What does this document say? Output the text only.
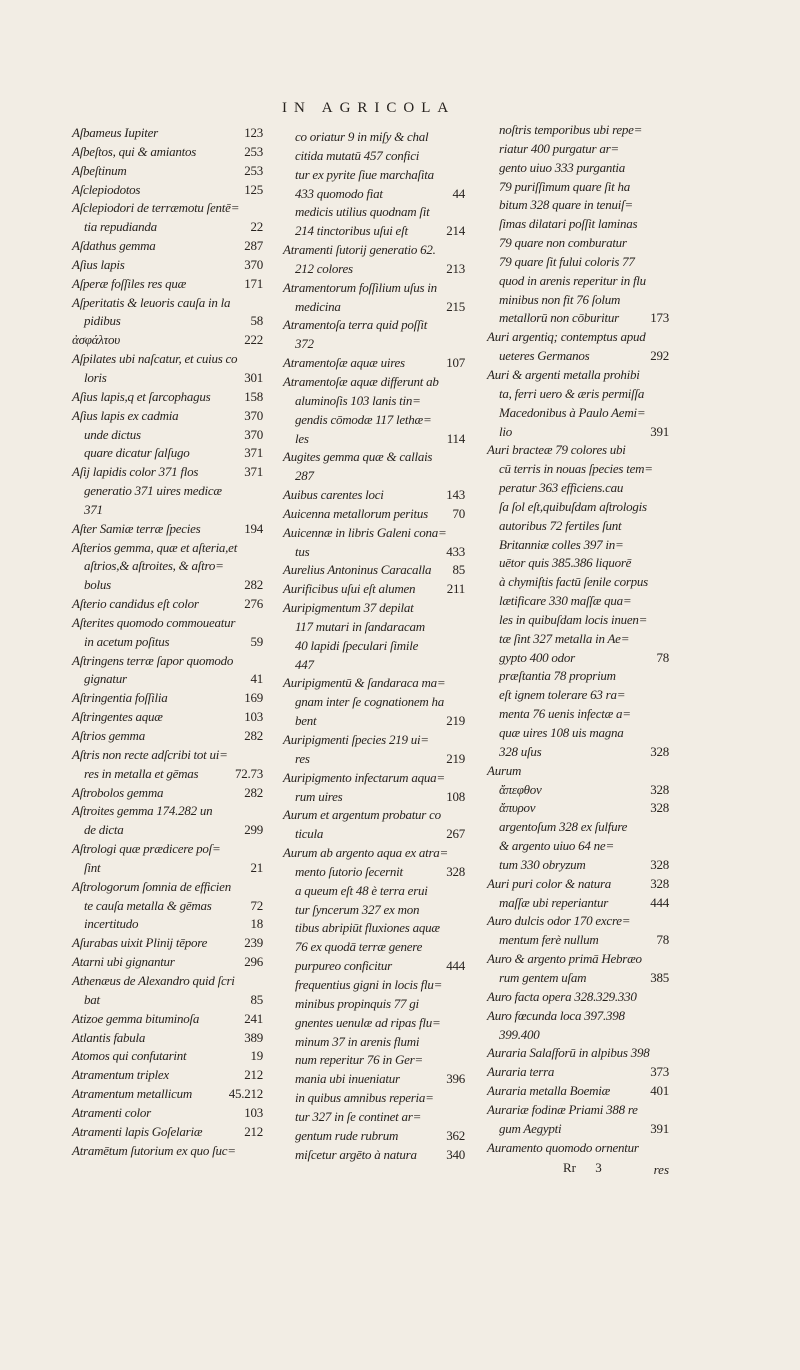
IN AGRICOLA
Aſbameus Iupiter	123
Aſbeſtos, qui & amiantos	253
Aſbeſtinum	253
Aſclepiodotos	125
Aſclepiodori de terræmotu ſentē=
tia repudianda	22
Aſdathus gemma	287
Aſius lapis	370
Aſperæ foſſiles res quæ	171
Aſperitatis & leuoris cauſa in la
pidibus	58
ἀσφάλτου	222
Aſpilates ubi naſcatur, et cuius co
loris	301
Aſius lapis,q et ſarcophagus	158
Aſius lapis ex cadmia	370
unde dictus	370
quare dicatur ſalſugo	371
Aſij lapidis color 371 flos	371
generatio 371 uires medicæ
371
Aſter Samiæ terræ ſpecies	194
Aſterios gemma, quæ et aſteria,et
aſtrios,& aſtroites, & aſtro=
bolus	282
Aſterio candidus eſt color	276
Aſterites quomodo commoueatur
in acetum poſitus	59
Aſtringens terræ ſapor quomodo
gignatur	41
Aſtringentia foſſilia	169
Aſtringentes aquæ	103
Aſtrios gemma	282
Aſtris non recte adſcribi tot ui=
res in metalla et gēmas	72.73
Aſtrobolos gemma	282
Aſtroites gemma 174.282 un
de dicta	299
Aſtrologi quæ prædicere poſ=
ſint	21
Aſtrologorum ſomnia de efficien
te cauſa metalla & gēmas	72
incertitudo	18
Aſurabas uixit Plinij tēpore	239
Atarni ubi gignantur	296
Athenæus de Alexandro quid ſcri
bat	85
Atizoe gemma bituminoſa	241
Atlantis fabula	389
Atomos qui confutarint	19
Atramentum triplex	212
Atramentum metallicum	45.212
Atramenti color	103
Atramenti lapis Goſelariæ	212
Atramētum ſutorium ex quo ſuc=
co oriatur 9 in miſy & chal
citida mutatū 457 confici
tur ex pyrite ſiue marchaſita
433 quomodo fiat	44
medicis utilius quodnam ſit
214 tinctoribus uſui eſt	214
Atramenti ſutorij generatio 62.
212 colores	213
Atramentorum foſſilium uſus in
medicina	215
Atramentoſa terra quid poſſit
372
Atramentoſæ aquæ uires	107
Atramentoſæ aquæ differunt ab
aluminoſis 103 lanis tin=
gendis cōmodæ 117 lethæ=
les	114
Augites gemma quæ & callais
287
Auibus carentes loci	143
Auicenna metallorum peritus	70
Auicennæ in libris Galeni cona=
tus	433
Aurelius Antoninus Caracalla	85
Aurificibus uſui eſt alumen	211
Auripigmentum 37 depilat
117 mutari in ſandaracam
40 lapidi ſpeculari ſimile
447
Auripigmentū & ſandaraca ma=
gnam inter ſe cognationem ha
bent	219
Auripigmenti ſpecies 219 ui=
res	219
Auripigmento infectarum aqua=
rum uires	108
Aurum et argentum probatur co
ticula	267
Aurum ab argento aqua ex atra=
mento ſutorio ſecernit	328
a queum eſt 48 è terra erui
tur ſyncerum 327 ex mon
tibus abripiūt fluxiones aquæ
76 ex quodā terræ genere
purpureo conficitur	444
frequentius gigni in locis flu=
minibus propinquis 77 gi
gnentes uenulæ ad ripas flu=
minum 37 in arenis flumi
num reperitur 76 in Ger=
mania ubi inueniatur	396
in quibus amnibus reperia=
tur 327 in ſe continet ar=
gentum rude rubrum	362
miſcetur argēto à natura	340
noſtris temporibus ubi repe=
riatur 400 purgatur ar=
gento uiuo 333 purgantia
79 puriſſimum quare ſit ha
bitum 328 quare in tenuiſ=
ſimas dilatari poſſit laminas
79 quare non comburatur
79 quare ſit fului coloris 77
quod in arenis reperitur in flu
minibus non fit 76 ſolum
metallorū non cōburitur	173
Auri argentiq; contemptus apud
ueteres Germanos	292
Auri & argenti metalla prohibi
ta, ferri uero & æris permiſſa
Macedonibus à Paulo Aemi=
lio	391
Auri bracteæ 79 colores ubi
cū terris in nouas ſpecies tem=
peratur 363 efficiens.cau
ſa ſol eſt,quibuſdam aſtrologis
autoribus 72 fertiles ſunt
Britanniæ colles 397 in=
uētor quis 385.386 liquorē
à chymiſtis factū ſenile corpus
lætificare 330 maſſæ qua=
les in quibuſdam locis inuen=
tæ ſint 327 metalla in Ae=
gypto 400 odor	78
præſtantia 78 proprium
eſt ignem tolerare 63 ra=
menta 76 uenis infectæ a=
quæ uires 108 uis magna
328 uſus	328
Aurum
ἄπεφθον	328
ἄπυρον	328
argentoſum 328 ex ſulfure
& argento uiuo 64 ne=
tum 330 obryzum	328
Auri puri color & natura	328
maſſæ ubi reperiantur	444
Auro dulcis odor 170 excre=
mentum ferè nullum	78
Auro & argento primā Hebræo
rum gentem uſam	385
Auro facta opera 328.329.330
Auro fœcunda loca 397.398
399.400
Auraria Salaſforū in alpibus 398
Auraria terra	373
Auraria metalla Boemiæ	401
Aurariæ fodinæ Priami 388 re
gum Aegypti	391
Auramento quomodo ornentur
Rr 3	res
